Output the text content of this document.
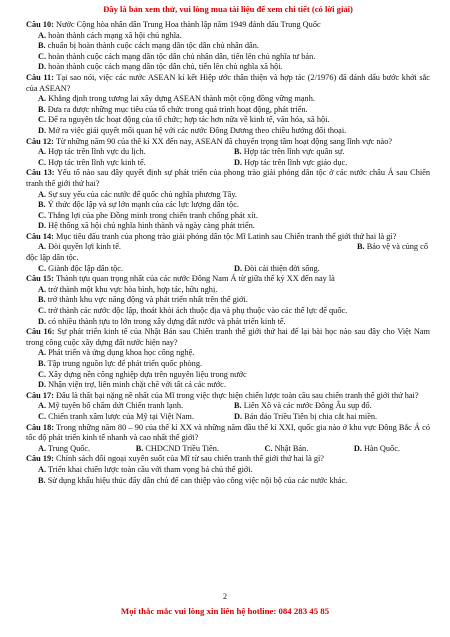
Đây là bản xem thử, vui lòng mua tài liệu để xem chi tiết (có lời giải)

Câu 10: Nước Cộng hòa nhân dân Trung Hoa thành lập năm 1949 đánh dấu Trung Quốc

A. hoàn thành cách mạng xã hội chủ nghĩa.

B. chuẩn bị hoàn thành cuộc cách mạng dân tộc dân chủ nhân dân.

C. hoàn thành cuộc cách mạng dân tộc dân chủ nhân dân, tiến lên chủ nghĩa tư bản.

D. hoàn thành cuộc cách mạng dân tộc dân chủ, tiến lên chủ nghĩa xã hội.

Câu 11: Tại sao nói, việc các nước ASEAN kí kết Hiệp ước thân thiện và hợp tác (2/1976) đã đánh dấu bước khởi sắc của ASEAN?

A. Khẳng định trong tương lai xây dựng ASEAN thành một cộng đồng vững mạnh.

B. Đưa ra được những mục tiêu của tổ chức trong quá trình hoạt động, phát triển.

C. Để ra nguyên tắc hoạt động của tổ chức; hợp tác hơn nữa về kinh tế, văn hóa, xã hội.

D. Mở ra việc giải quyết mối quan hệ với các nước Đông Dương theo chiều hướng đối thoại.

Câu 12: Từ những năm 90 của thế kỉ XX đến nay, ASEAN đã chuyển trọng tâm hoạt động sang lĩnh vực nào?

A. Hợp tác trên lĩnh vực du lịch.	B. Hợp tác trên lĩnh vực quân sự.
C. Hợp tác trên lĩnh vực kinh tế.	D. Hợp tác trên lĩnh vực giáo dục.

Câu 13: Yếu tố nào sau đây quyết định sự phát triển của phong trào giải phóng dân tộc ở các nước châu Á sau Chiến tranh thế giới thứ hai?

A. Sự suy yếu của các nước đế quốc chủ nghĩa phương Tây.

B. Ý thức độc lập và sự lớn mạnh của các lực lượng dân tộc.

C. Thắng lợi của phe Đồng minh trong chiến tranh chống phát xít.

D. Hệ thống xã hội chủ nghĩa hình thành và ngày càng phát triển.

Câu 14: Mục tiêu đấu tranh của phong trào giải phóng dân tộc Mĩ Latinh sau Chiến tranh thế giới thứ hai là gì?

A. Đòi quyền lợi kinh tế.	B. Bảo vệ và củng cố

độc lập dân tộc.

C. Giành độc lập dân tộc.	D. Đòi cải thiện đời sống.

Câu 15: Thành tựu quan trọng nhất của các nước Đông Nam Á từ giữa thế kỷ XX đến nay là

A. trở thành một khu vực hòa bình, hợp tác, hữu nghị.

B. trở thành khu vực năng động và phát triển nhất trên thế giới.

C. trở thành các nước độc lập, thoát khỏi ách thuộc địa và phụ thuộc vào các thế lực đế quốc.

D. có nhiều thành tựu to lớn trong xây dựng đất nước và phát triển kinh tế.

Câu 16: Sự phát triển kinh tế của Nhật Bản sau Chiến tranh thế giới thứ hai để lại bài học nào sau đây cho Việt Nam trong công cuộc xây dựng đất nước hiện nay?

A. Phát triển và ứng dụng khoa học công nghệ.

B. Tập trung nguồn lực để phát triển quốc phòng.

C. Xây dựng nền công nghiệp dựa trên nguyên liệu trong nước

D. Nhận viện trợ, liên minh chặt chẽ với tất cả các nước.

Câu 17: Đâu là thất bại nặng nề nhất của Mĩ trong việc thực hiện chiến lược toàn cầu sau chiến tranh thế giới thứ hai?

A. Mỹ tuyên bố chấm dứt Chiến tranh lạnh.	B. Liên Xô và các nước Đông Âu sụp đổ.
C. Chiến tranh xâm lược của Mỹ tại Việt Nam.	D. Bán đảo Triều Tiên bị chia cắt hai miền.

Câu 18: Trong những năm 80 – 90 của thế kỉ XX và những năm đầu thế kỉ XXI, quốc gia nào ở khu vực Đông Bắc Á có tốc độ phát triển kinh tế nhanh và cao nhất thế giới?

A. Trung Quốc.	B. CHDCND Triều Tiên.	C. Nhật Bản.	D. Hàn Quốc.

Câu 19: Chính sách đối ngoại xuyên suốt của Mĩ từ sau chiến tranh thế giới thứ hai là gì?

A. Triển khai chiến lược toàn cầu với tham vọng bá chủ thế giới.

B. Sử dụng khẩu hiệu thúc đẩy dân chủ để can thiệp vào công việc nội bộ của các nước khác.

2
Mọi thắc mắc vui lòng xin liên hệ hotline: 084 283 45 85
